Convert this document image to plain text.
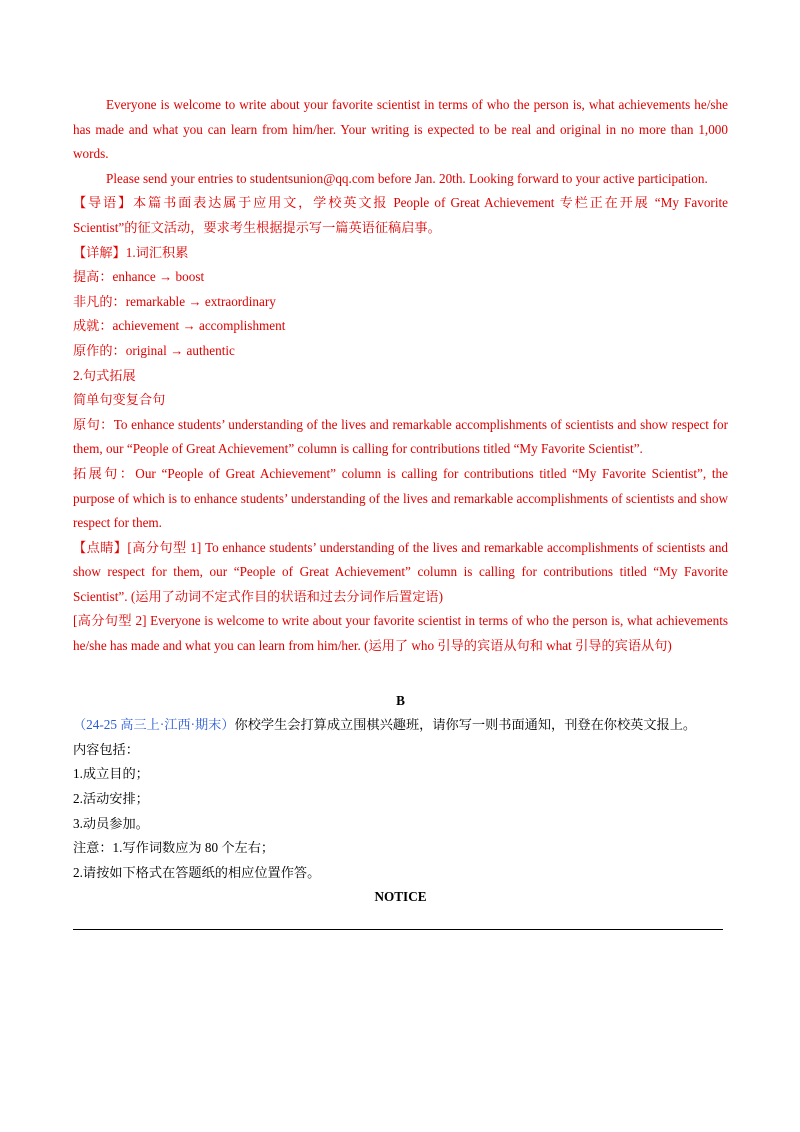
Everyone is welcome to write about your favorite scientist in terms of who the person is, what achievements he/she has made and what you can learn from him/her. Your writing is expected to be real and original in no more than 1,000 words.

Please send your entries to studentsunion@qq.com before Jan. 20th. Looking forward to your active participation.

【导语】本篇书面表达属于应用文，学校英文报 People of Great Achievement 专栏正在开展 “My Favorite Scientist”的征文活动，要求考生根据提示写一篇英语征稿启事。

【详解】1.词汇积累

提高：enhance → boost

非凡的：remarkable → extraordinary

成就：achievement → accomplishment

原作的：original → authentic

2.句式拓展

简单句变复合句

原句：To enhance students’ understanding of the lives and remarkable accomplishments of scientists and show respect for them, our “People of Great Achievement” column is calling for contributions titled “My Favorite Scientist”.

拓展句：Our “People of Great Achievement” column is calling for contributions titled “My Favorite Scientist”, the purpose of which is to enhance students’ understanding of the lives and remarkable accomplishments of scientists and show respect for them.

【点睛】[高分句型 1] To enhance students’ understanding of the lives and remarkable accomplishments of scientists and show respect for them, our “People of Great Achievement” column is calling for contributions titled “My Favorite Scientist”. (运用了动词不定式作目的状语和过去分词作后置定语)

[高分句型 2] Everyone is welcome to write about your favorite scientist in terms of who the person is, what achievements he/she has made and what you can learn from him/her. (运用了 who 引导的宾语从句和 what 引导的宾语从句)

B

（24-25 高三上·江西·期末）你校学生会打算成立围棋兴趣班，请你写一则书面通知，刊登在你校英文报上。

内容包括：

1.成立目的；

2.活动安排；

3.动员参加。

注意：1.写作词数应为 80 个左右；

2.请按如下格式在答题纸的相应位置作答。

NOTICE
